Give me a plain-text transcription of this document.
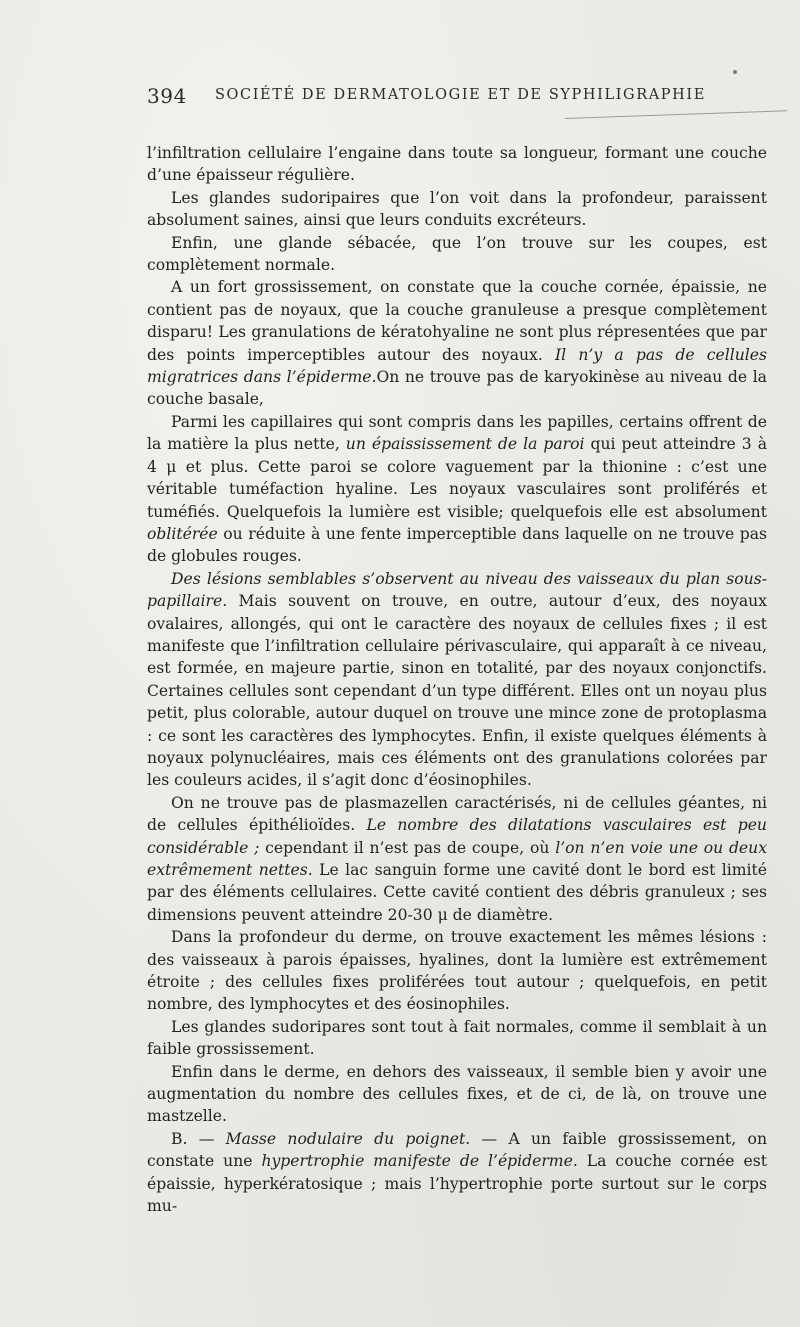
394 SOCIÉTÉ DE DERMATOLOGIE ET DE SYPHILIGRAPHIE

l’infiltration cellulaire l’engaine dans toute sa longueur, formant une couche d’une épaisseur régulière.

Les glandes sudoripaires que l’on voit dans la profondeur, paraissent absolument saines, ainsi que leurs conduits excréteurs.

Enfin, une glande sébacée, que l’on trouve sur les coupes, est complètement normale.

A un fort grossissement, on constate que la couche cornée, épaissie, ne contient pas de noyaux, que la couche granuleuse a presque complètement disparu! Les granulations de kératohyaline ne sont plus répresentées que par des points imperceptibles autour des noyaux. Il n’y a pas de cellules migratrices dans l’épiderme.On ne trouve pas de karyokinèse au niveau de la couche basale,

Parmi les capillaires qui sont compris dans les papilles, certains offrent de la matière la plus nette, un épaississement de la paroi qui peut atteindre 3 à 4 μ et plus. Cette paroi se colore vaguement par la thionine : c’est une véritable tuméfaction hyaline. Les noyaux vasculaires sont proliférés et tuméfiés. Quelquefois la lumière est visible; quelquefois elle est absolument oblitérée ou réduite à une fente imperceptible dans laquelle on ne trouve pas de globules rouges.

Des lésions semblables s’observent au niveau des vaisseaux du plan sous-papillaire. Mais souvent on trouve, en outre, autour d’eux, des noyaux ovalaires, allongés, qui ont le caractère des noyaux de cellules fixes ; il est manifeste que l’infiltration cellulaire périvasculaire, qui apparaît à ce niveau, est formée, en majeure partie, sinon en totalité, par des noyaux conjonctifs. Certaines cellules sont cependant d’un type différent. Elles ont un noyau plus petit, plus colorable, autour duquel on trouve une mince zone de protoplasma : ce sont les caractères des lymphocytes. Enfin, il existe quelques éléments à noyaux polynucléaires, mais ces éléments ont des granulations colorées par les couleurs acides, il s’agit donc d’éosinophiles.

On ne trouve pas de plasmazellen caractérisés, ni de cellules géantes, ni de cellules épithélioïdes. Le nombre des dilatations vasculaires est peu considérable ; cependant il n’est pas de coupe, où l’on n’en voie une ou deux extrêmement nettes. Le lac sanguin forme une cavité dont le bord est limité par des éléments cellulaires. Cette cavité contient des débris granuleux ; ses dimensions peuvent atteindre 20-30 μ de diamètre.

Dans la profondeur du derme, on trouve exactement les mêmes lésions : des vaisseaux à parois épaisses, hyalines, dont la lumière est extrêmement étroite ; des cellules fixes proliférées tout autour ; quelquefois, en petit nombre, des lymphocytes et des éosinophiles.

Les glandes sudoripares sont tout à fait normales, comme il semblait à un faible grossissement.

Enfin dans le derme, en dehors des vaisseaux, il semble bien y avoir une augmentation du nombre des cellules fixes, et de ci, de là, on trouve une mastzelle.

B. — Masse nodulaire du poignet. — A un faible grossissement, on constate une hypertrophie manifeste de l’épiderme. La couche cornée est épaissie, hyperkératosique ; mais l’hypertrophie porte surtout sur le corps mu-
